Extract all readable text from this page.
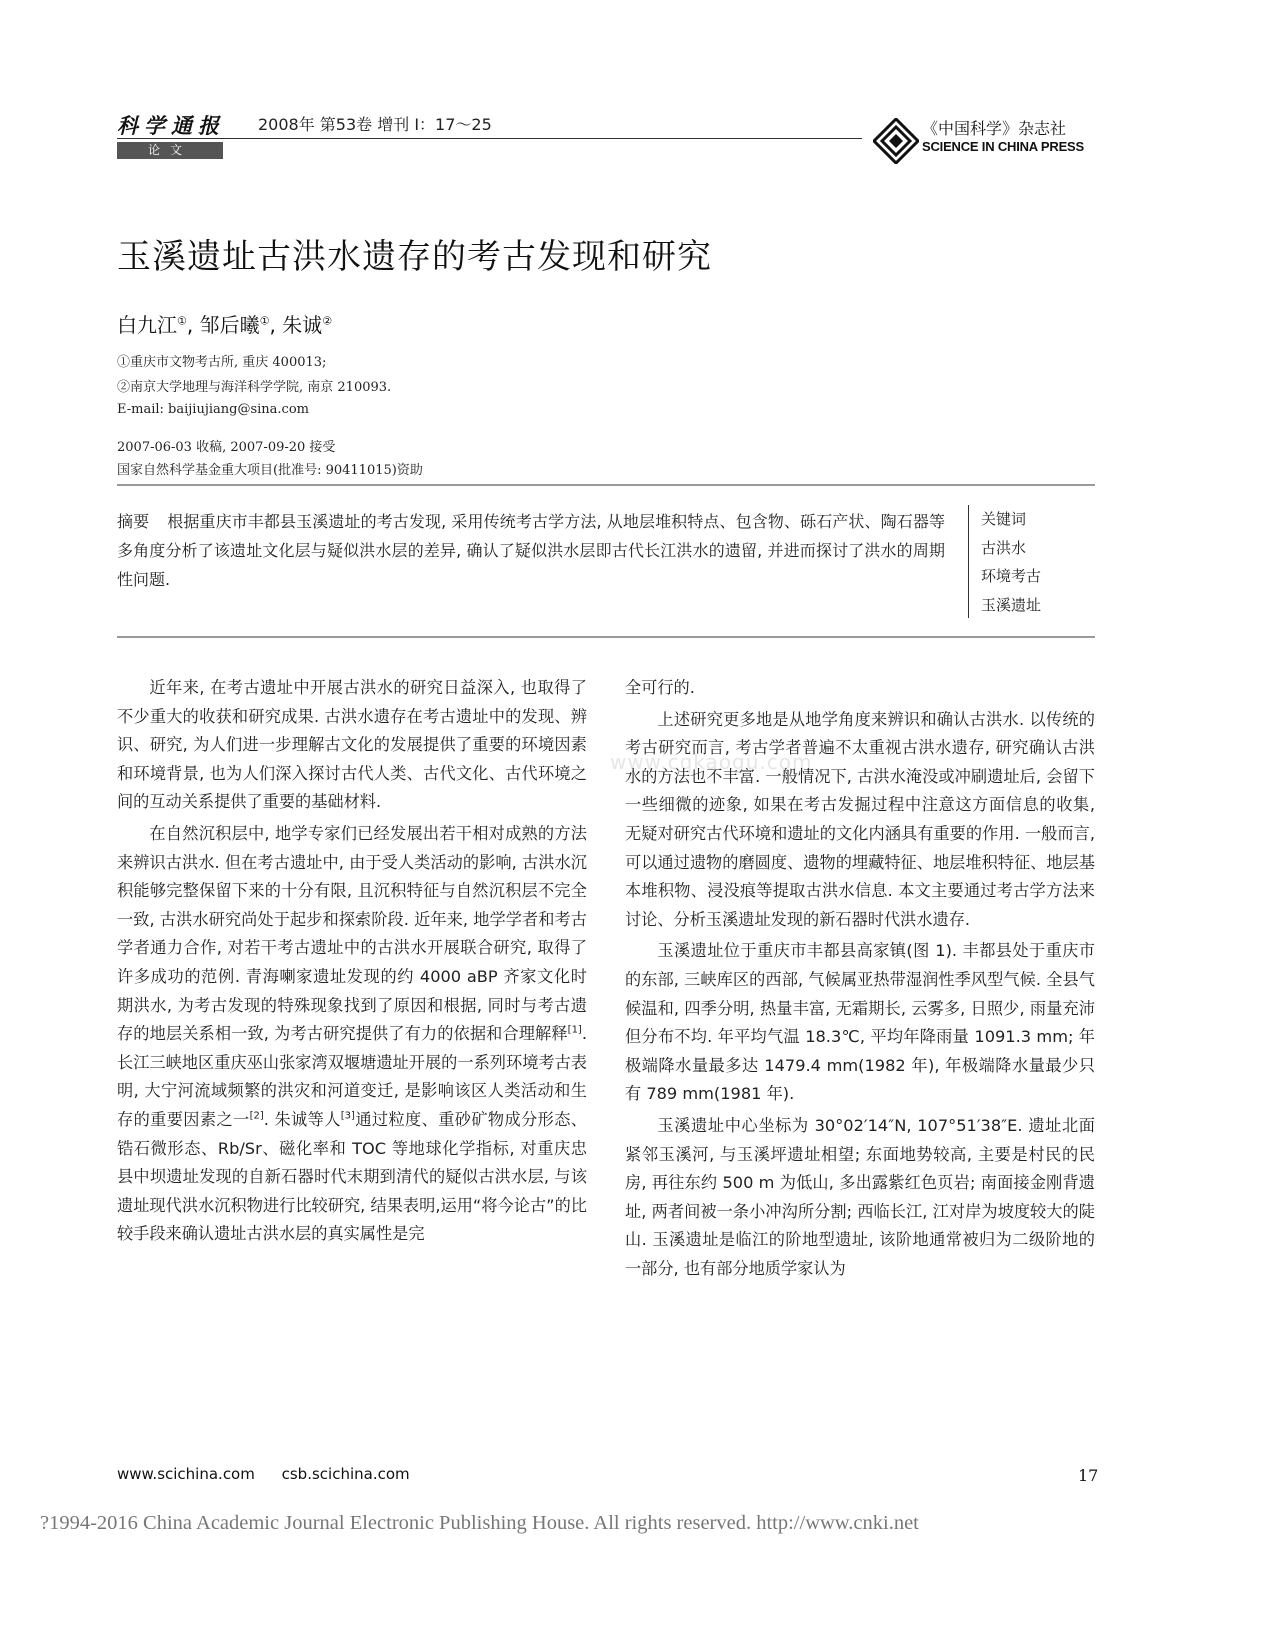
科学通报 2008年 第53卷 增刊 I：17～25
论文
《中国科学》杂志社
SCIENCE IN CHINA PRESS
玉溪遗址古洪水遗存的考古发现和研究
白九江①, 邹后曦①, 朱诚②
①重庆市文物考古所, 重庆 400013;
②南京大学地理与海洋科学学院, 南京 210093.
E-mail: baijiujiang@sina.com
2007-06-03 收稿, 2007-09-20 接受
国家自然科学基金重大项目(批准号: 90411015)资助
摘要 根据重庆市丰都县玉溪遗址的考古发现, 采用传统考古学方法, 从地层堆积特点、包含物、砾石产状、陶石器等多角度分析了该遗址文化层与疑似洪水层的差异, 确认了疑似洪水层即古代长江洪水的遗留, 并进而探讨了洪水的周期性问题.
关键词
古洪水
环境考古
玉溪遗址
www.cqkaogu.com

近年来, 在考古遗址中开展古洪水的研究日益深入, 也取得了不少重大的收获和研究成果. 古洪水遗存在考古遗址中的发现、辨识、研究, 为人们进一步理解古文化的发展提供了重要的环境因素和环境背景, 也为人们深入探讨古代人类、古代文化、古代环境之间的互动关系提供了重要的基础材料.

在自然沉积层中, 地学专家们已经发展出若干相对成熟的方法来辨识古洪水. 但在考古遗址中, 由于受人类活动的影响, 古洪水沉积能够完整保留下来的十分有限, 且沉积特征与自然沉积层不完全一致, 古洪水研究尚处于起步和探索阶段. 近年来, 地学学者和考古学者通力合作, 对若干考古遗址中的古洪水开展联合研究, 取得了许多成功的范例. 青海喇家遗址发现的约 4000 aBP 齐家文化时期洪水, 为考古发现的特殊现象找到了原因和根据, 同时与考古遗存的地层关系相一致, 为考古研究提供了有力的依据和合理解释[1]. 长江三峡地区重庆巫山张家湾双堰塘遗址开展的一系列环境考古表明, 大宁河流域频繁的洪灾和河道变迁, 是影响该区人类活动和生存的重要因素之一[2]. 朱诚等人[3]通过粒度、重砂矿物成分形态、锆石微形态、Rb/Sr、磁化率和 TOC 等地球化学指标, 对重庆忠县中坝遗址发现的自新石器时代末期到清代的疑似古洪水层, 与该遗址现代洪水沉积物进行比较研究, 结果表明,运用“将今论古”的比较手段来确认遗址古洪水层的真实属性是完

全可行的.

上述研究更多地是从地学角度来辨识和确认古洪水. 以传统的考古研究而言, 考古学者普遍不太重视古洪水遗存, 研究确认古洪水的方法也不丰富. 一般情况下, 古洪水淹没或冲刷遗址后, 会留下一些细微的迹象, 如果在考古发掘过程中注意这方面信息的收集, 无疑对研究古代环境和遗址的文化内涵具有重要的作用. 一般而言, 可以通过遗物的磨圆度、遗物的埋藏特征、地层堆积特征、地层基本堆积物、浸没痕等提取古洪水信息. 本文主要通过考古学方法来讨论、分析玉溪遗址发现的新石器时代洪水遗存.

玉溪遗址位于重庆市丰都县高家镇(图 1). 丰都县处于重庆市的东部, 三峡库区的西部, 气候属亚热带湿润性季风型气候. 全县气候温和, 四季分明, 热量丰富, 无霜期长, 云雾多, 日照少, 雨量充沛但分布不均. 年平均气温 18.3℃, 平均年降雨量 1091.3 mm; 年极端降水量最多达 1479.4 mm(1982 年), 年极端降水量最少只有 789 mm(1981 年).

玉溪遗址中心坐标为 30°02′14″N, 107°51′38″E. 遗址北面紧邻玉溪河, 与玉溪坪遗址相望; 东面地势较高, 主要是村民的民房, 再往东约 500 m 为低山, 多出露紫红色页岩; 南面接金刚背遗址, 两者间被一条小冲沟所分割; 西临长江, 江对岸为坡度较大的陡山. 玉溪遗址是临江的阶地型遗址, 该阶地通常被归为二级阶地的一部分, 也有部分地质学家认为

www.scichina.com csb.scichina.com	17
?1994-2016 China Academic Journal Electronic Publishing House. All rights reserved. http://www.cnki.net
